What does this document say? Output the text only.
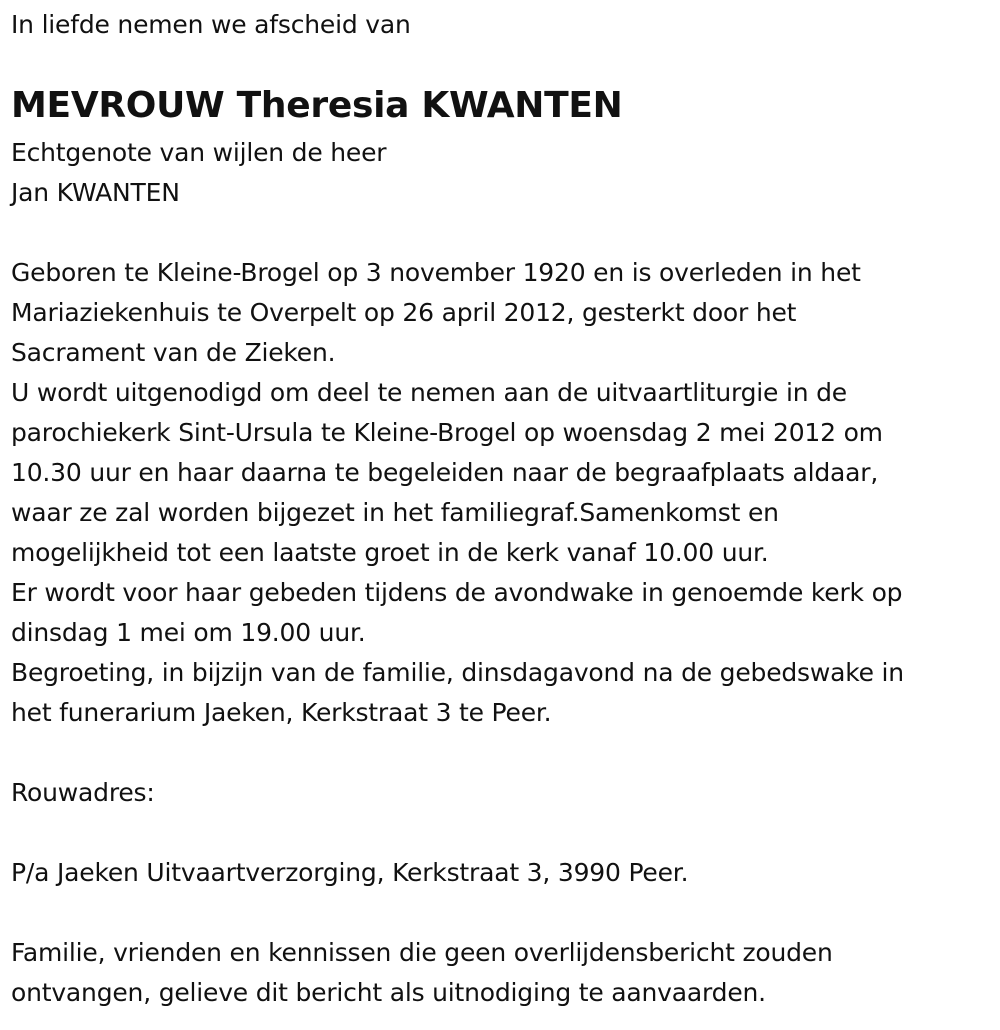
In liefde nemen we afscheid van
MEVROUW Theresia KWANTEN
Echtgenote van wijlen de heer
Jan KWANTEN
Geboren te Kleine-Brogel op 3 november 1920 en is overleden in het
Mariaziekenhuis te Overpelt op 26 april 2012, gesterkt door het
Sacrament van de Zieken.
U wordt uitgenodigd om deel te nemen aan de uitvaartliturgie in de
parochiekerk Sint-Ursula te Kleine-Brogel op woensdag 2 mei 2012 om
10.30 uur en haar daarna te begeleiden naar de begraafplaats aldaar,
waar ze zal worden bijgezet in het familiegraf.Samenkomst en
mogelijkheid tot een laatste groet in de kerk vanaf 10.00 uur.
Er wordt voor haar gebeden tijdens de avondwake in genoemde kerk op
dinsdag 1 mei om 19.00 uur.
Begroeting, in bijzijn van de familie, dinsdagavond na de gebedswake in
het funerarium Jaeken, Kerkstraat 3 te Peer.
Rouwadres:
P/a Jaeken Uitvaartverzorging, Kerkstraat 3, 3990 Peer.
Familie, vrienden en kennissen die geen overlijdensbericht zouden
ontvangen, gelieve dit bericht als uitnodiging te aanvaarden.
